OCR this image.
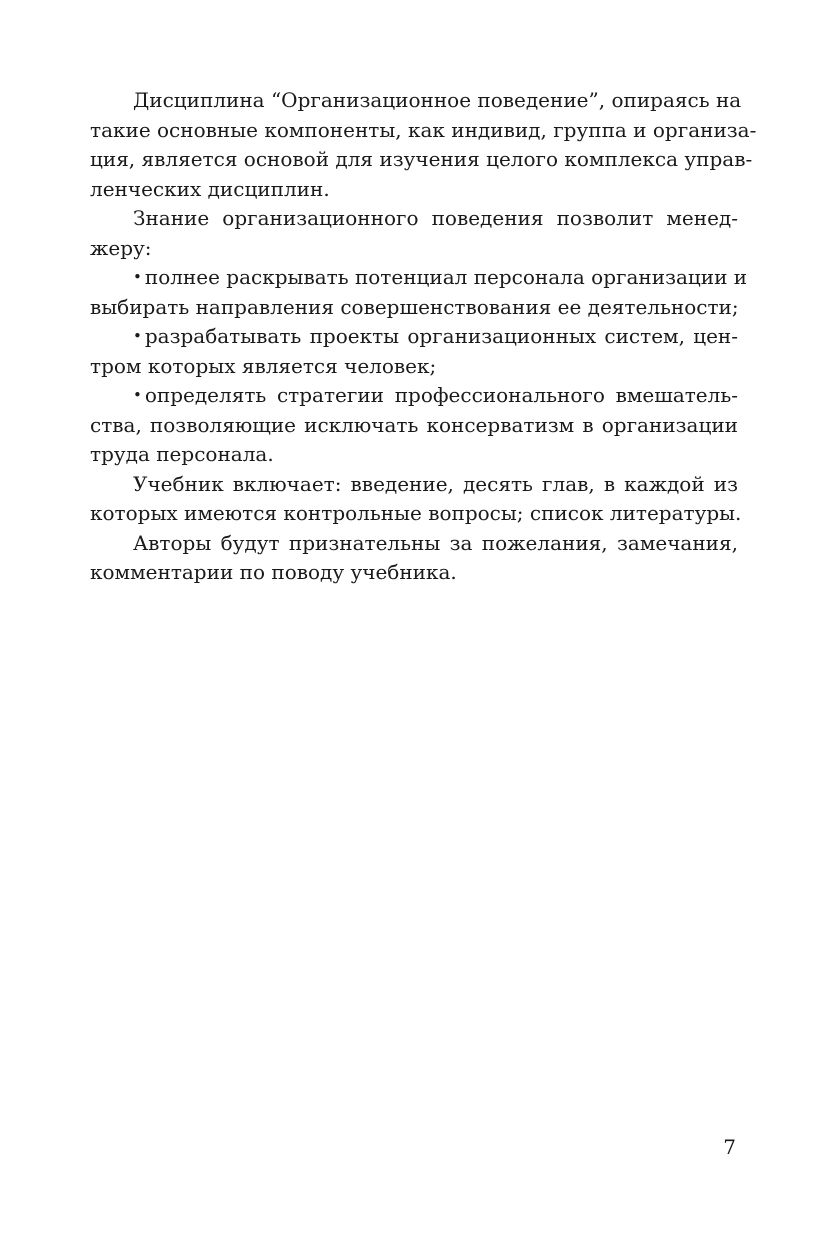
Дисциплина “Организационное поведение”, опираясь на
такие основные компоненты, как индивид, группа и организа-
ция, является основой для изучения целого комплекса управ-
ленческих дисциплин.
Знание организационного поведения позволит менед-
жеру:
• полнее раскрывать потенциал персонала организации и
выбирать направления совершенствования ее деятельности;
• разрабатывать проекты организационных систем, цен-
тром которых является человек;
• определять стратегии профессионального вмешатель-
ства, позволяющие исключать консерватизм в организации
труда персонала.
Учебник включает: введение, десять глав, в каждой из
которых имеются контрольные вопросы; список литературы.
Авторы будут признательны за пожелания, замечания,
комментарии по поводу учебника.
7
